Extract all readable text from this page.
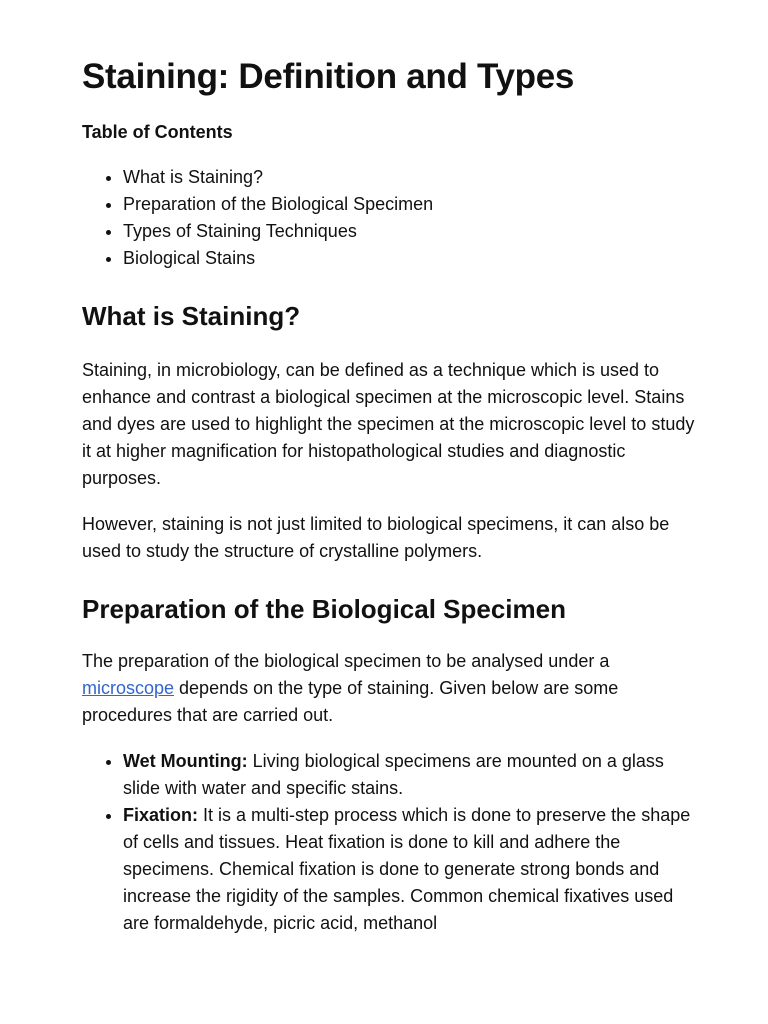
Staining: Definition and Types
Table of Contents
• What is Staining?
• Preparation of the Biological Specimen
• Types of Staining Techniques
• Biological Stains
What is Staining?

Staining, in microbiology, can be defined as a technique which is used to enhance and contrast a biological specimen at the microscopic level. Stains and dyes are used to highlight the specimen at the microscopic level to study it at higher magnification for histopathological studies and diagnostic purposes.

However, staining is not just limited to biological specimens, it can also be used to study the structure of crystalline polymers.

Preparation of the Biological Specimen

The preparation of the biological specimen to be analysed under a microscope depends on the type of staining. Given below are some procedures that are carried out.

• Wet Mounting: Living biological specimens are mounted on a glass slide with water and specific stains.
• Fixation: It is a multi-step process which is done to preserve the shape of cells and tissues. Heat fixation is done to kill and adhere the specimens. Chemical fixation is done to generate strong bonds and increase the rigidity of the samples. Common chemical fixatives used are formaldehyde, picric acid, methanol
